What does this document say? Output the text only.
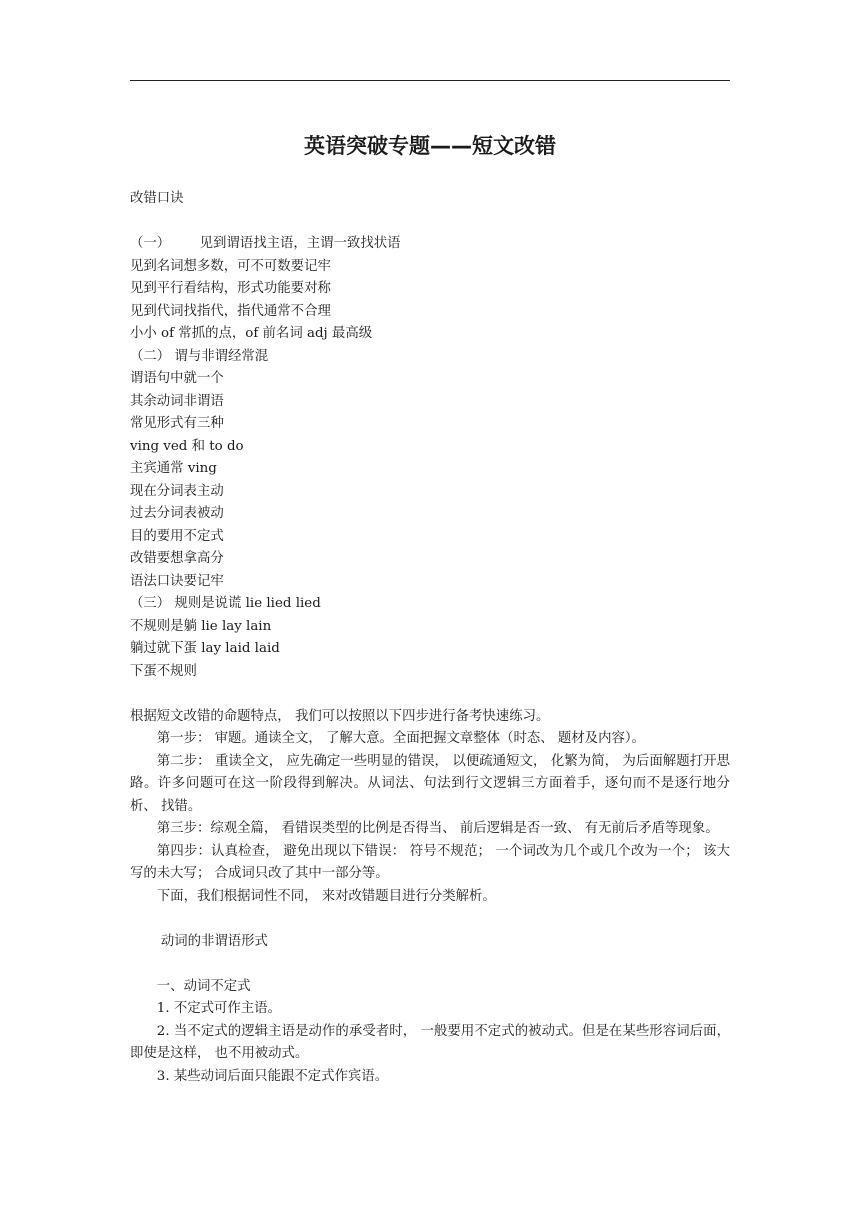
英语突破专题——短文改错

改错口诀

（一） 见到谓语找主语，主谓一致找状语

见到名词想多数，可不可数要记牢

见到平行看结构，形式功能要对称

见到代词找指代，指代通常不合理

小小 of 常抓的点，of 前名词 adj 最高级

（二） 谓与非谓经常混

谓语句中就一个

其余动词非谓语

常见形式有三种

ving ved 和 to do

主宾通常 ving

现在分词表主动

过去分词表被动

目的要用不定式

改错要想拿高分

语法口诀要记牢

（三） 规则是说谎 lie lied lied

不规则是躺 lie lay lain

躺过就下蛋 lay laid laid

下蛋不规则

根据短文改错的命题特点， 我们可以按照以下四步进行备考快速练习。

第一步： 审题。通读全文， 了解大意。全面把握文章整体（时态、 题材及内容）。

第二步： 重读全文， 应先确定一些明显的错误， 以便疏通短文， 化繁为简， 为后面解题打开思路。许多问题可在这一阶段得到解决。从词法、句法到行文逻辑三方面着手，逐句而不是逐行地分析、 找错。

第三步：综观全篇， 看错误类型的比例是否得当、 前后逻辑是否一致、 有无前后矛盾等现象。

第四步：认真检查， 避免出现以下错误： 符号不规范； 一个词改为几个或几个改为一个； 该大写的未大写； 合成词只改了其中一部分等。

下面，我们根据词性不同， 来对改错题目进行分类解析。

动词的非谓语形式

一、动词不定式

1. 不定式可作主语。

2. 当不定式的逻辑主语是动作的承受者时， 一般要用不定式的被动式。但是在某些形容词后面， 即使是这样， 也不用被动式。

3. 某些动词后面只能跟不定式作宾语。
